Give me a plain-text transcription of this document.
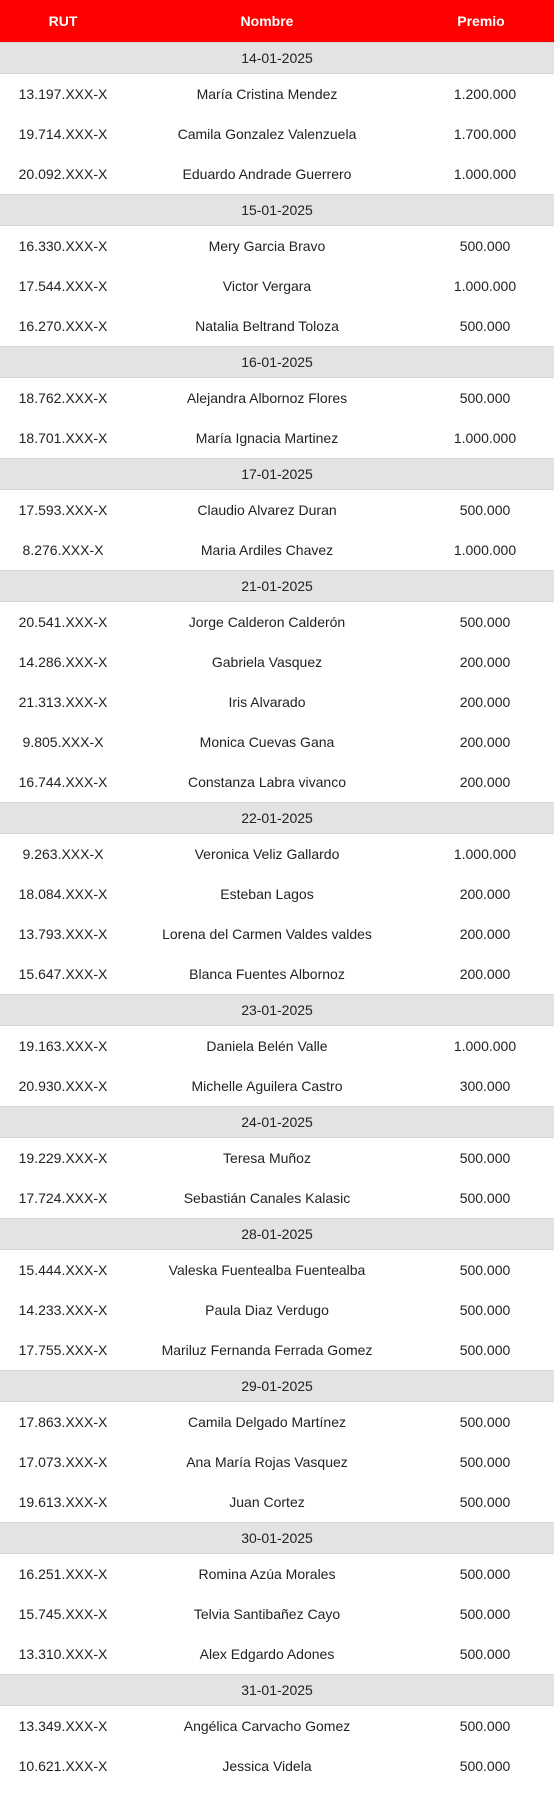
RUT	Nombre	Premio
14-01-2025
13.197.XXX-X	María Cristina Mendez	1.200.000
19.714.XXX-X	Camila Gonzalez Valenzuela	1.700.000
20.092.XXX-X	Eduardo Andrade Guerrero	1.000.000
15-01-2025
16.330.XXX-X	Mery Garcia Bravo	500.000
17.544.XXX-X	Victor Vergara	1.000.000
16.270.XXX-X	Natalia Beltrand Toloza	500.000
16-01-2025
18.762.XXX-X	Alejandra Albornoz Flores	500.000
18.701.XXX-X	María Ignacia Martinez	1.000.000
17-01-2025
17.593.XXX-X	Claudio Alvarez Duran	500.000
8.276.XXX-X	Maria Ardiles Chavez	1.000.000
21-01-2025
20.541.XXX-X	Jorge Calderon Calderón	500.000
14.286.XXX-X	Gabriela Vasquez	200.000
21.313.XXX-X	Iris Alvarado	200.000
9.805.XXX-X	Monica Cuevas Gana	200.000
16.744.XXX-X	Constanza Labra vivanco	200.000
22-01-2025
9.263.XXX-X	Veronica Veliz Gallardo	1.000.000
18.084.XXX-X	Esteban Lagos	200.000
13.793.XXX-X	Lorena del Carmen Valdes valdes	200.000
15.647.XXX-X	Blanca Fuentes Albornoz	200.000
23-01-2025
19.163.XXX-X	Daniela Belén Valle	1.000.000
20.930.XXX-X	Michelle Aguilera Castro	300.000
24-01-2025
19.229.XXX-X	Teresa Muñoz	500.000
17.724.XXX-X	Sebastián Canales Kalasic	500.000
28-01-2025
15.444.XXX-X	Valeska Fuentealba Fuentealba	500.000
14.233.XXX-X	Paula Diaz Verdugo	500.000
17.755.XXX-X	Mariluz Fernanda Ferrada Gomez	500.000
29-01-2025
17.863.XXX-X	Camila Delgado Martínez	500.000
17.073.XXX-X	Ana María Rojas Vasquez	500.000
19.613.XXX-X	Juan Cortez	500.000
30-01-2025
16.251.XXX-X	Romina Azúa Morales	500.000
15.745.XXX-X	Telvia Santibañez Cayo	500.000
13.310.XXX-X	Alex Edgardo Adones	500.000
31-01-2025
13.349.XXX-X	Angélica Carvacho Gomez	500.000
10.621.XXX-X	Jessica Videla	500.000
